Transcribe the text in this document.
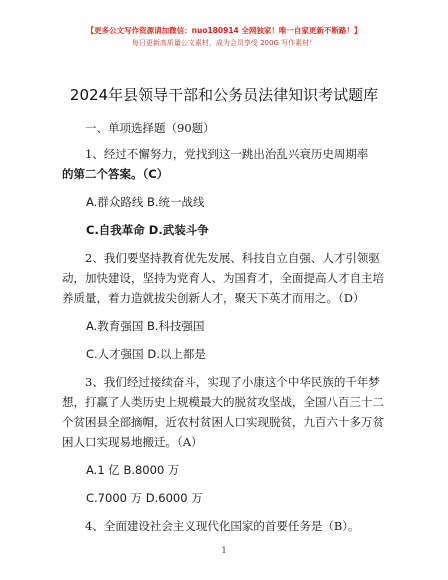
【更多公文写作资源请加微信：nuo180914 全网独家！唯一自家更新不断路！】
每日更新高质量公文素材，成为会员享受 200G 写作素材！
2024年县领导干部和公务员法律知识考试题库

一、单项选择题（90题）

1、经过不懈努力，党找到这一跳出治乱兴衰历史周期率

的第二个答案。（C）

A.群众路线 B.统一战线

C.自我革命 D.武装斗争

2、我们要坚持教育优先发展、科技自立自强、人才引领驱动，加快建设，坚持为党育人、为国育才，全面提高人才自主培养质量，着力造就拔尖创新人才，聚天下英才而用之。（D）

A.教育强国 B.科技强国

C.人才强国 D.以上都是

3、我们经过接续奋斗，实现了小康这个中华民族的千年梦想，打赢了人类历史上规模最大的脱贫攻坚战，全国八百三十二个贫困县全部摘帽，近农村贫困人口实现脱贫，九百六十多万贫困人口实现易地搬迁。（A）

A.1 亿 B.8000 万

C.7000 万 D.6000 万

4、全面建设社会主义现代化国家的首要任务是（B）。

1
